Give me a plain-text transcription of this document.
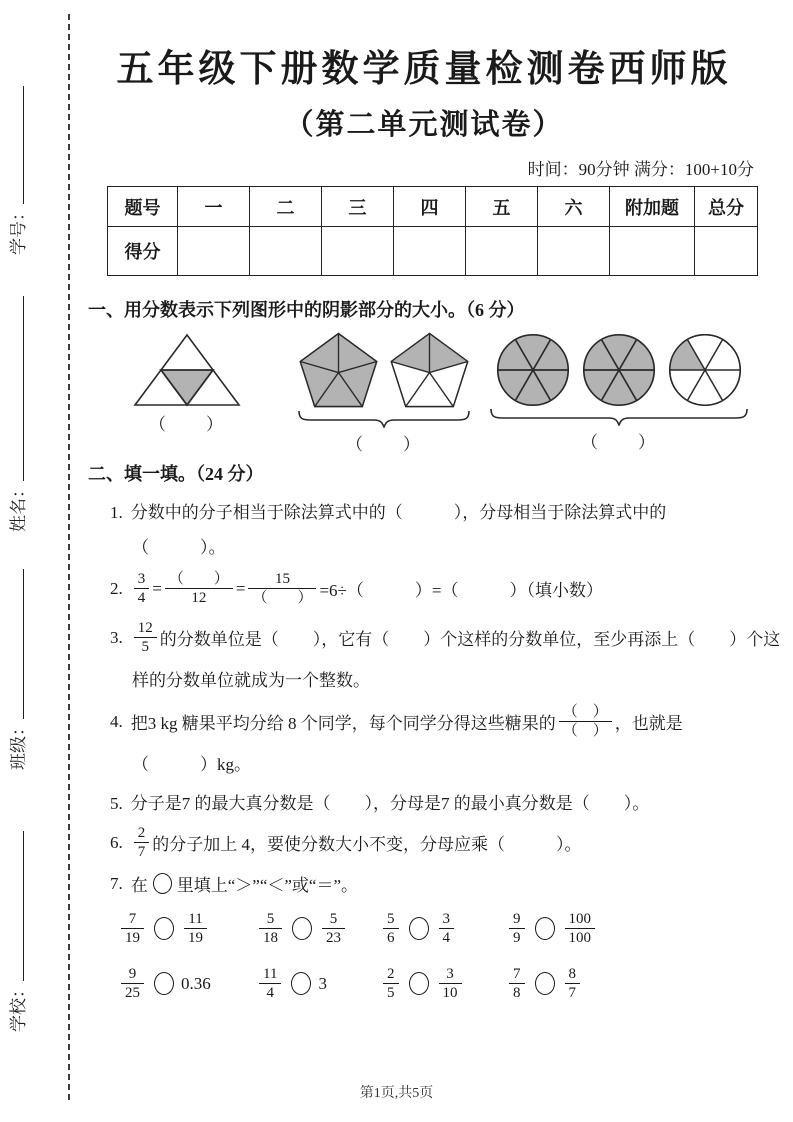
学号：
姓名：
班级：
学校：
五年级下册数学质量检测卷西师版
（第二单元测试卷）
时间：90分钟 满分：100+10分
题号	一	二	三	四	五	六	附加题	总分
得分								
一、用分数表示下列图形中的阴影部分的大小。（6 分）
（　　）
（　　）	（　　）
二、填一填。（24 分）
1. 分数中的分子相当于除法算式中的（　　　），分母相当于除法算式中的
（　　　）。
2. $\frac{3}{4} = \frac{( )}{12} = \frac{15}{( )} =6\div$（　　　）=（　　　）（填小数）
3. $\frac{12}{5}$ 的分数单位是（　　），它有（　　）个这样的分数单位，至少再添上（　　）个这
样的分数单位就成为一个整数。
4. 把3 kg 糖果平均分给 8 个同学，每个同学分得这些糖果的 $\frac{( )}{( )}$ ，也就是
（　　　）kg。
5. 分子是7 的最大真分数是（　　），分母是7 的最小真分数是（　　）。
6. $\frac{2}{7}$ 的分子加上 4，要使分数大小不变，分母应乘（　　　）。
7. 在 里填上“＞”“＜”或“＝”。
$\frac{7}{19}$	$\frac{11}{19}$	$\frac{5}{18}$	$\frac{5}{23}$	$\frac{5}{6}$	$\frac{3}{4}$	$\frac{9}{9}$	$\frac{100}{100}$
$\frac{9}{25} 0.36$	$\frac{11}{4} 3$	$\frac{2}{5}$	$\frac{3}{10}$	$\frac{7}{8}$	$\frac{8}{7}$
第1页,共5页
